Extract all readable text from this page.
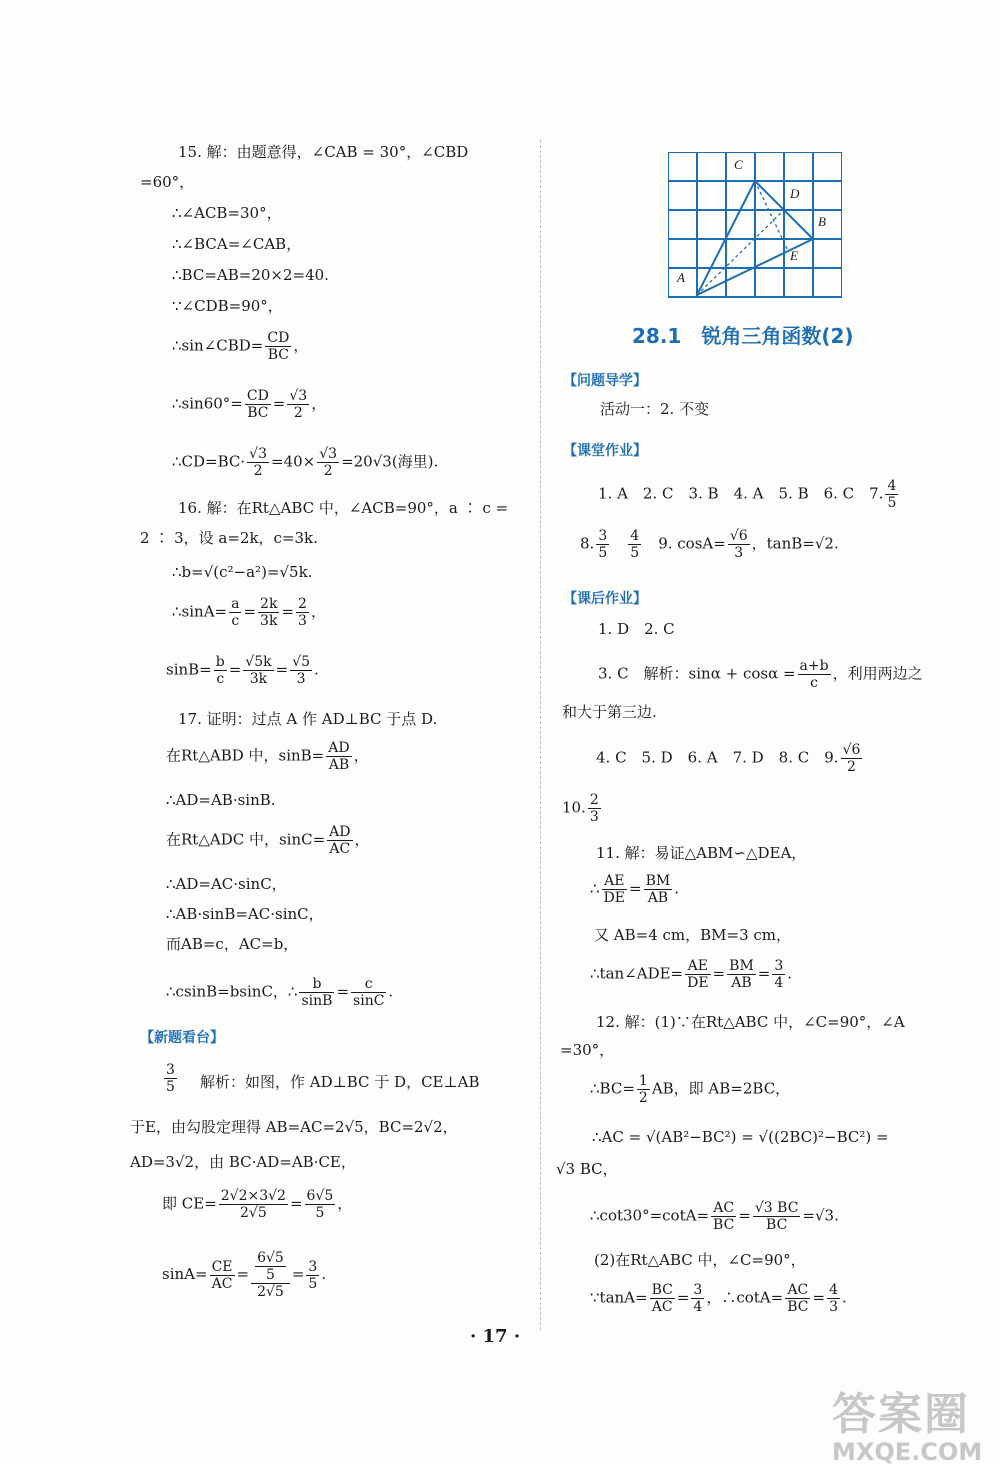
15. 解：由题意得，∠CAB = 30°，∠CBD
=60°，
∴∠ACB=30°，
∴∠BCA=∠CAB，
∴BC=AB=20×2=40.
∵∠CDB=90°，
∴sin∠CBD= $\frac{CD}{BC}$ ，
∴sin60°= $\frac{CD}{BC} = \frac{√3}{2}$ ，
∴CD=BC· $\frac{√3}{2} =40\times \frac{√3}{2} =20√3$(海里).
16. 解：在Rt△ABC 中，∠ACB=90°，a ∶ c =
2 ∶ 3，设 a=2k，c=3k.
∴b=√(c²−a²)=√5k.
∴sinA= $\frac{a}{c} = \frac{2k}{3k} = \frac{2}{3}$ ，
$\sin B= \frac{b}{c} = \frac{√5k}{3k} = \frac{√5}{3}$ .
17. 证明：过点 A 作 AD⊥BC 于点 D.
在Rt△ABD 中，$\sin B= \frac{AD}{AB}$ ，
∴AD=AB·sinB.
在Rt△ADC 中，$\sin C= \frac{AD}{AC}$ ，
∴AD=AC·sinC，
∴AB·sinB=AC·sinC，
而AB=c，AC=b，
∴csinB=bsinC，∴ $\frac{b}{\sin B} = \frac{c}{\sin C}$ .
【新题看台】
$\frac{3}{5}$ 解析：如图，作 AD⊥BC 于 D，CE⊥AB
于E，由勾股定理得 AB=AC=2√5，BC=2√2，
AD=3√2，由 BC·AD=AB·CE，
即 $CE= \frac{2√2\times 3√2}{2√5} = \frac{6√5}{5}$ ，
$\sin A= \frac{CE}{AC} = \frac{\frac{6√5}{5}}{2√5} = \frac{3}{5}$ .
C
D
B
E
A
28.1　锐角三角函数(2)
【问题导学】
活动一：2. 不变
【课堂作业】
1. A　2. C　3. B　4. A　5. B　6. C　7. $\frac{4}{5}$
8. $\frac{3}{5}$
　 $\frac{4}{5}$
　 9. $\cos A= \frac{√6}{3}$ ，tanB=√2.
【课后作业】
1. D　2. C
3. C　解析：$\sin\alpha + \cos\alpha = \frac{a+b}{c}$ ，利用两边之
和大于第三边.
4. C　5. D　6. A　7. D　8. C　9. $\frac{√6}{2}$
10. $\frac{2}{3}$
11. 解：易证△ABM∽△DEA，
∴ $\frac{AE}{DE} = \frac{BM}{AB}$ .
又 AB=4 cm，BM=3 cm，
∴tan∠ADE= $\frac{AE}{DE} = \frac{BM}{AB} = \frac{3}{4}$ .
12. 解：(1)∵在Rt△ABC 中，∠C=90°，∠A
=30°，
∴BC= $\frac{1}{2}$ AB，即 AB=2BC，
∴AC = √(AB²−BC²) = √((2BC)²−BC²) =
√3 BC，
∴cot30°=cotA= $\frac{AC}{BC} = \frac{√3 BC}{BC} =√3$.
(2)在Rt△ABC 中，∠C=90°，
∵tanA= $\frac{BC}{AC} = \frac{3}{4}$ ，∴cotA= $\frac{AC}{BC} = \frac{4}{3}$ .
· 17 ·
答案圈
MXQE.COM
